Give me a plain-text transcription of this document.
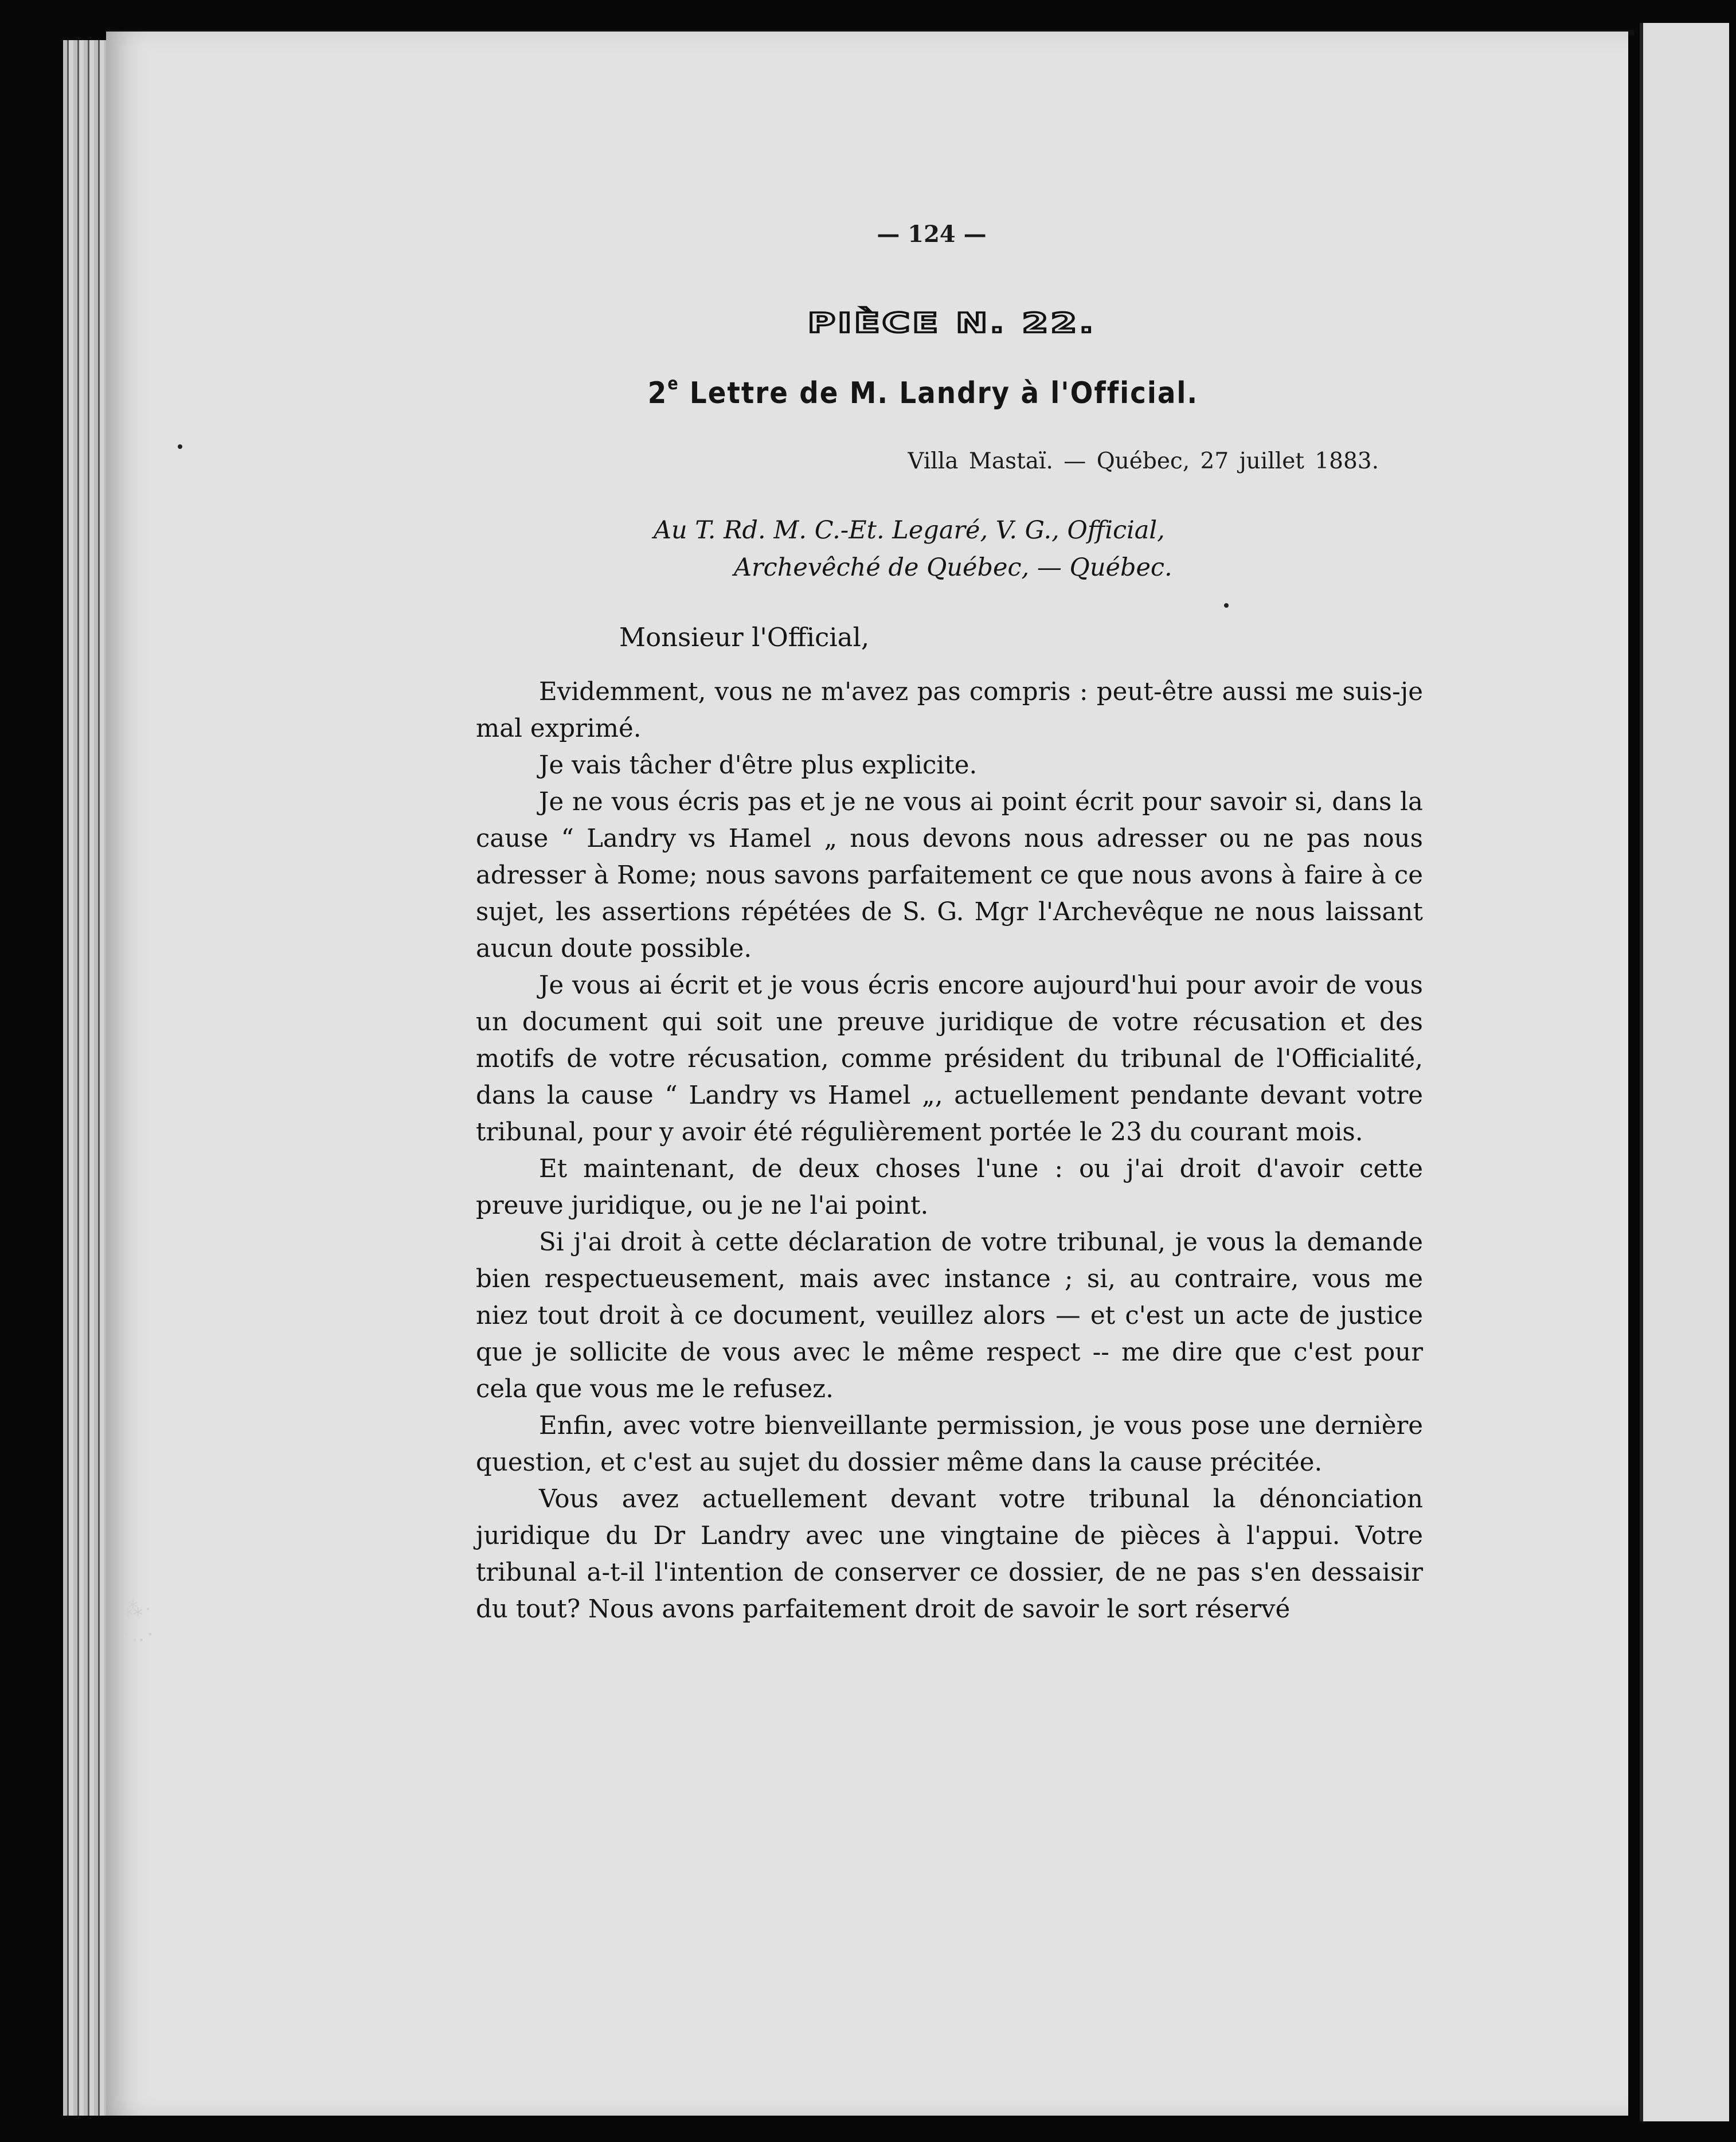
⁂·
·‥·
— 124 —
PIÈCE N. 22.
2e Lettre de M. Landry à l'Official.
Villa Mastaï. — Québec, 27 juillet 1883.
Au T. Rd. M. C.-Et. Legaré, V. G., Official,
Archevêché de Québec, — Québec.
Monsieur l'Official,

Evidemment, vous ne m'avez pas compris : peut-être aussi me suis-je mal exprimé.

Je vais tâcher d'être plus explicite.

Je ne vous écris pas et je ne vous ai point écrit pour savoir si, dans la cause “ Landry vs Hamel „ nous devons nous adresser ou ne pas nous adresser à Rome; nous savons parfaitement ce que nous avons à faire à ce sujet, les assertions répétées de S. G. Mgr l'Archevêque ne nous laissant aucun doute possible.

Je vous ai écrit et je vous écris encore aujourd'hui pour avoir de vous un document qui soit une preuve juridique de votre récusation et des motifs de votre récusation, comme président du tribunal de l'Officialité, dans la cause “ Landry vs Hamel „, actuellement pendante devant votre tribunal, pour y avoir été régulièrement portée le 23 du courant mois.

Et maintenant, de deux choses l'une : ou j'ai droit d'avoir cette preuve juridique, ou je ne l'ai point.

Si j'ai droit à cette déclaration de votre tribunal, je vous la demande bien respectueusement, mais avec instance ; si, au contraire, vous me niez tout droit à ce document, veuillez alors — et c'est un acte de justice que je sollicite de vous avec le même respect -- me dire que c'est pour cela que vous me le refusez.

Enfin, avec votre bienveillante permission, je vous pose une dernière question, et c'est au sujet du dossier même dans la cause précitée.

Vous avez actuellement devant votre tribunal la dénonciation juridique du Dr Landry avec une vingtaine de pièces à l'appui. Votre tribunal a-t-il l'intention de conserver ce dossier, de ne pas s'en dessaisir du tout? Nous avons parfaitement droit de savoir le sort réservé
